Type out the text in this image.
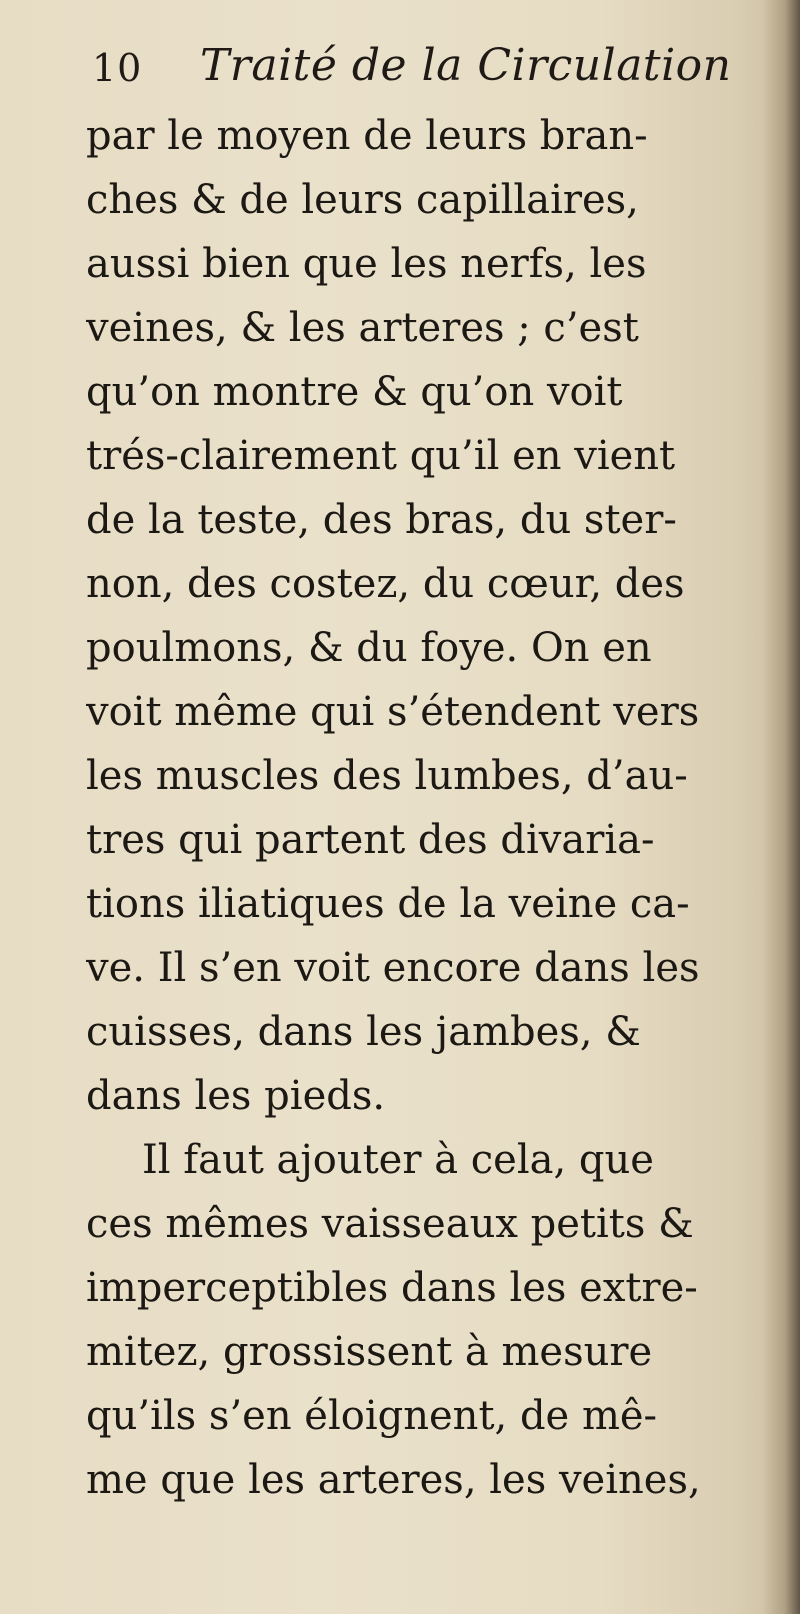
10 Traité de la Circulation
par le moyen de leurs bran-
ches & de leurs capillaires,
aussi bien que les nerfs, les
veines, & les arteres ; c’est
qu’on montre & qu’on voit
trés-clairement qu’il en vient
de la teste, des bras, du ster-
non, des costez, du cœur, des
poulmons, & du foye. On en
voit même qui s’étendent vers
les muscles des lumbes, d’au-
tres qui partent des divaria-
tions iliatiques de la veine ca-
ve. Il s’en voit encore dans les
cuisses, dans les jambes, &
dans les pieds.
Il faut ajouter à cela, que
ces mêmes vaisseaux petits &
imperceptibles dans les extre-
mitez, grossissent à mesure
qu’ils s’en éloignent, de mê-
me que les arteres, les veines,
